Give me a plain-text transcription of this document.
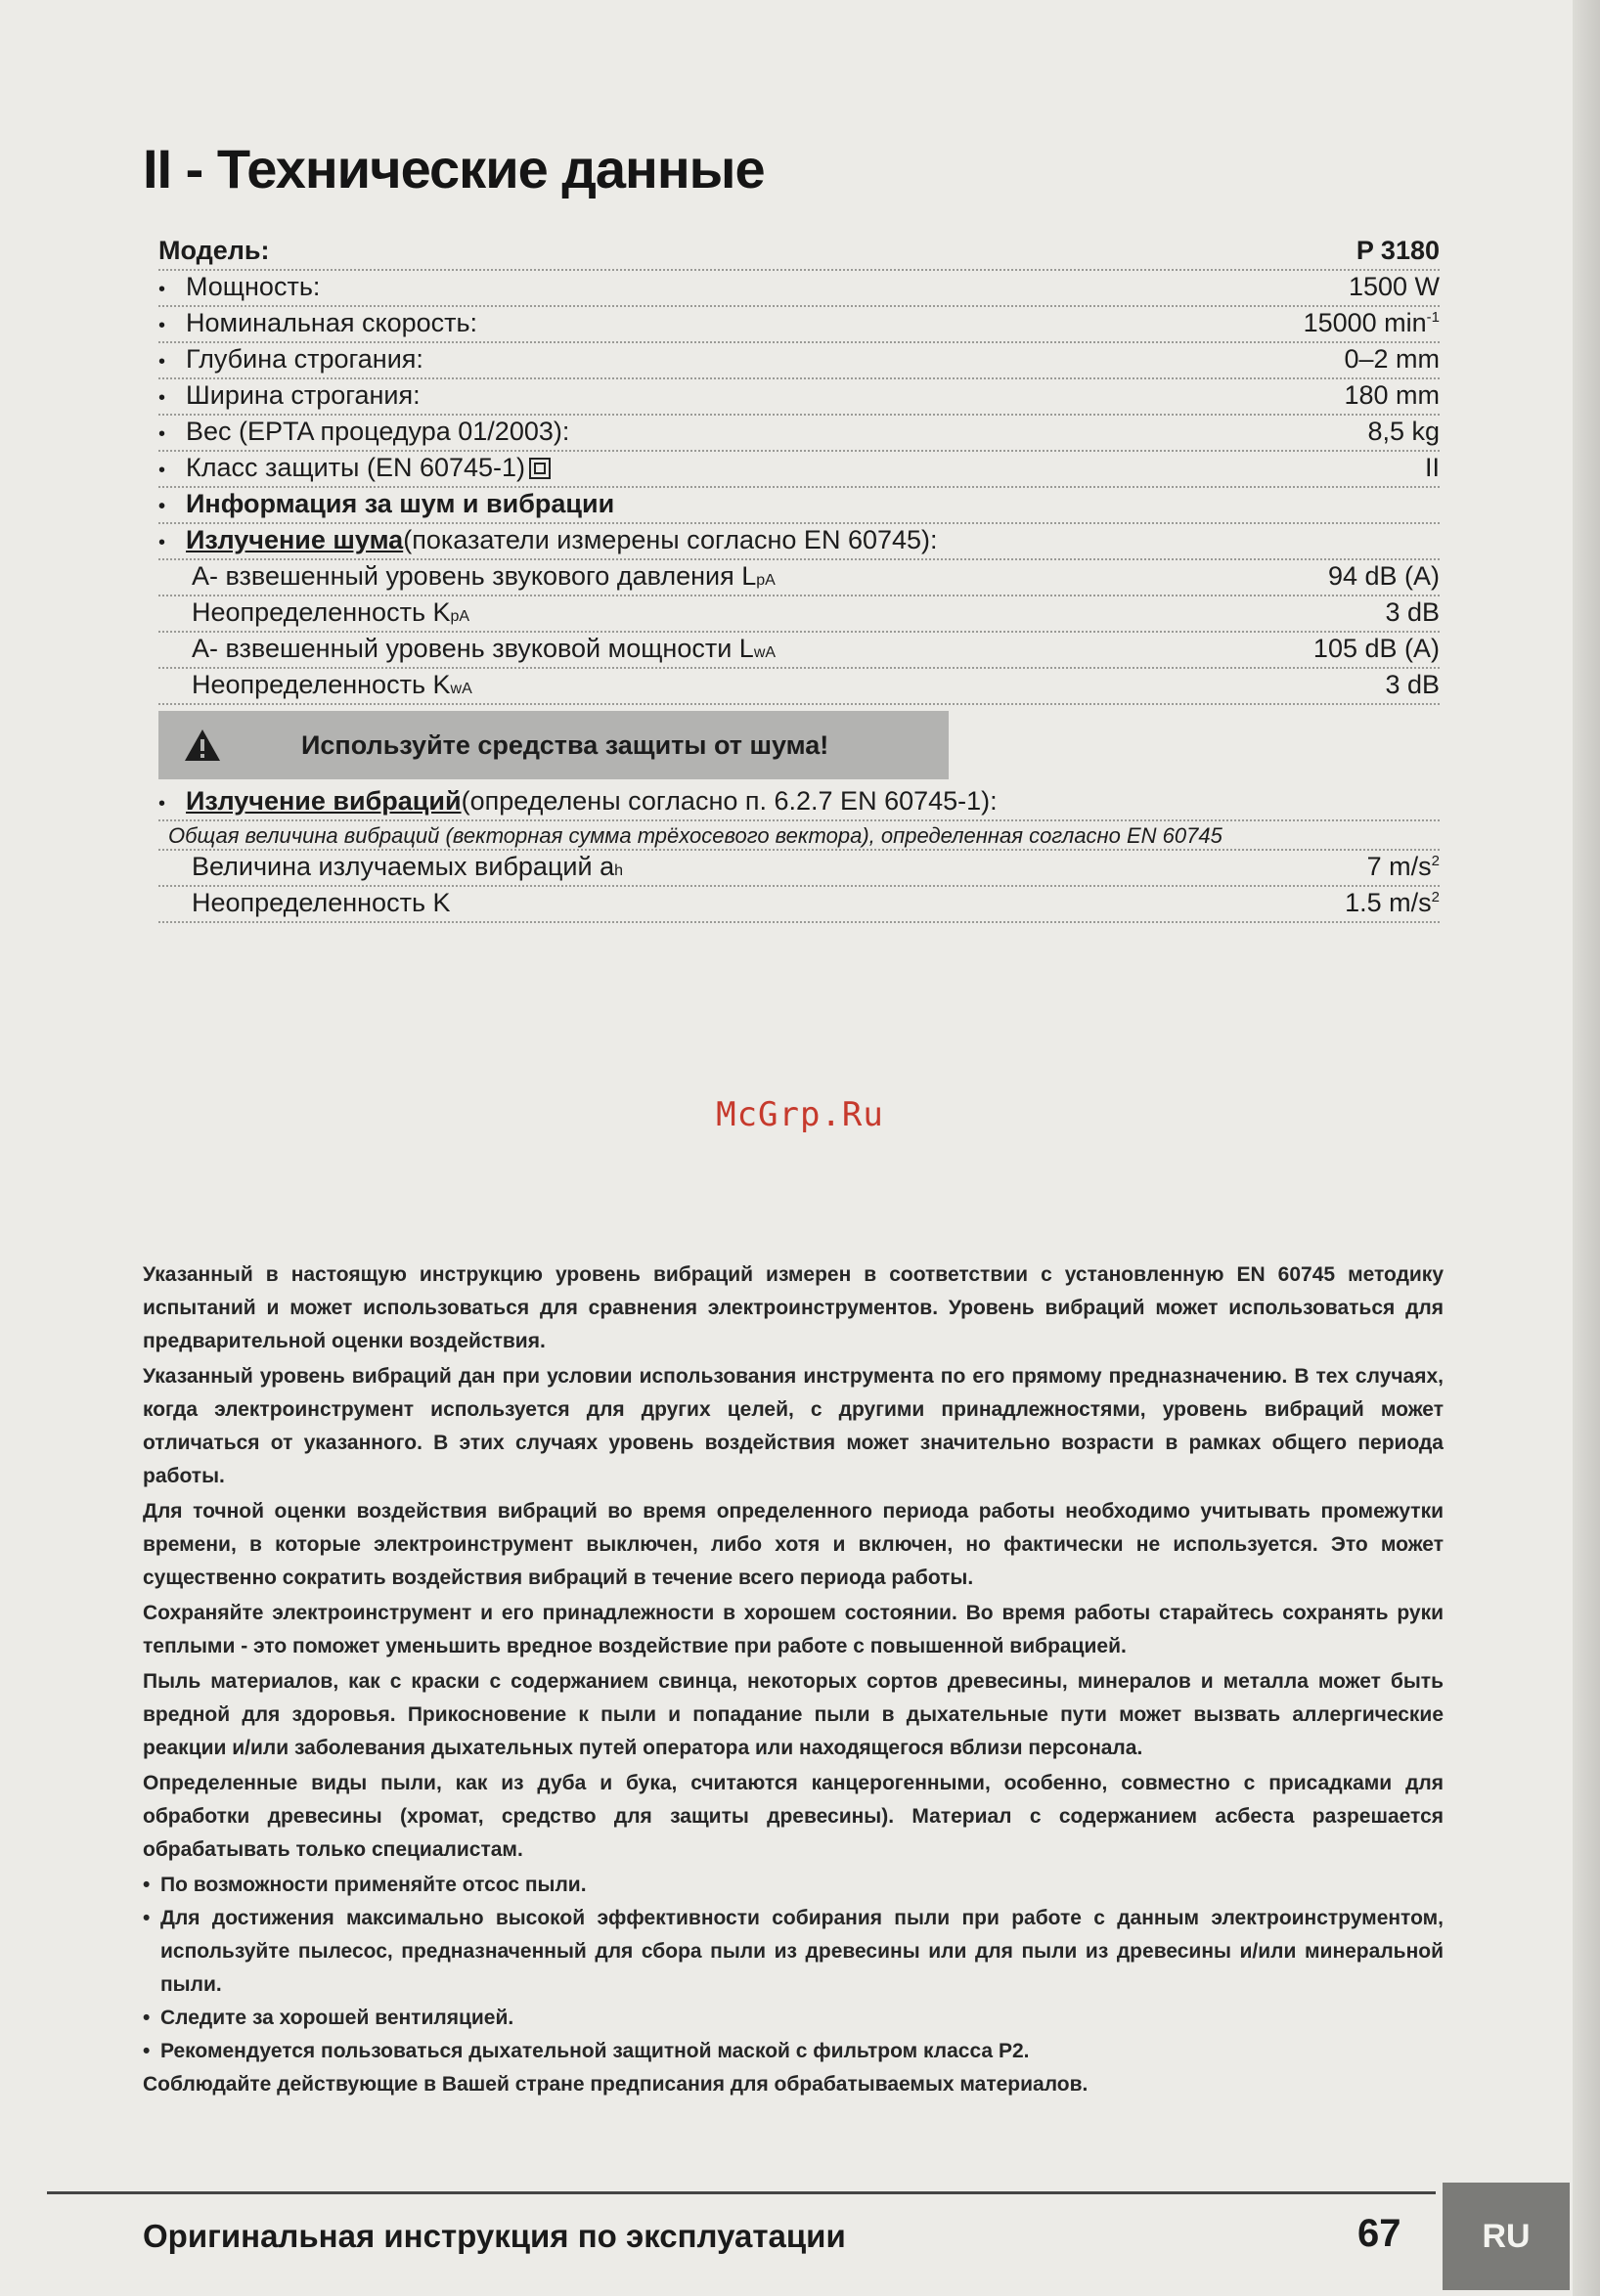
II - Технические данные
Модель:	P 3180
• Мощность:	1500 W
• Номинальная скорость:	15000 $\min^{-1}$
• Глубина строгания:	0–2 mm
• Ширина строгания:	180 mm
• Вес (EPTA процедура 01/2003):	8,5 kg
• Класс защиты (EN 60745-1)	II
• Информация за шум и вибрации
• Излучение шума (показатели измерены согласно EN 60745):
А- взвешенный уровень звукового давления L pA	94 dB (A)
Неопределенность K pA	3 dB
А- взвешенный уровень звуковой мощности L wA	105 dB (A)
Неопределенность K wA	3 dB
Используйте средства защиты от шума!
• Излучение вибраций (определены согласно п. 6.2.7 EN 60745-1):
Общая величина вибраций (векторная сумма трёхосевого вектора), определенная согласно EN 60745
Величина излучаемых вибраций a h	7 $m/s^2$
Неопределенность K	1.5 $m/s^2$
McGrp.Ru

Указанный в настоящую инструкцию уровень вибраций измерен в соответствии с установленную EN 60745 методику испытаний и может использоваться для сравнения электроинструментов. Уровень вибраций может использоваться для предварительной оценки воздействия.

Указанный уровень вибраций дан при условии использования инструмента по его прямому предназначению. В тех случаях, когда электроинструмент используется для других целей, с другими принадлежностями, уровень вибраций может отличаться от указанного. В этих случаях уровень воздействия может значительно возрасти в рамках общего периода работы.

Для точной оценки воздействия вибраций во время определенного периода работы необходимо учитывать промежутки времени, в которые электроинструмент выключен, либо хотя и включен, но фактически не используется. Это может существенно сократить воздействия вибраций в течение всего периода работы.

Сохраняйте электроинструмент и его принадлежности в хорошем состоянии. Во время работы старайтесь сохранять руки теплыми - это поможет уменьшить вредное воздействие при работе с повышенной вибрацией.

Пыль материалов, как с краски с содержанием свинца, некоторых сортов древесины, минералов и металла может быть вредной для здоровья. Прикосновение к пыли и попадание пыли в дыхательные пути может вызвать аллергические реакции и/или заболевания дыхательных путей оператора или находящегося вблизи персонала.

Определенные виды пыли, как из дуба и бука, считаются канцерогенными, особенно, совместно с присадками для обработки древесины (хромат, средство для защиты древесины). Материал с содержанием асбеста разрешается обрабатывать только специалистам.

• По возможности применяйте отсос пыли.
• Для достижения максимально высокой эффективности собирания пыли при работе с данным электроинструментом, используйте пылесос, предназначенный для сбора пыли из древесины или для пыли из древесины и/или минеральной пыли.
• Следите за хорошей вентиляцией.
• Рекомендуется пользоваться дыхательной защитной маской с фильтром класса P2.

Соблюдайте действующие в Вашей стране предписания для обрабатываемых материалов.

Оригинальная инструкция по эксплуатации	67	RU
